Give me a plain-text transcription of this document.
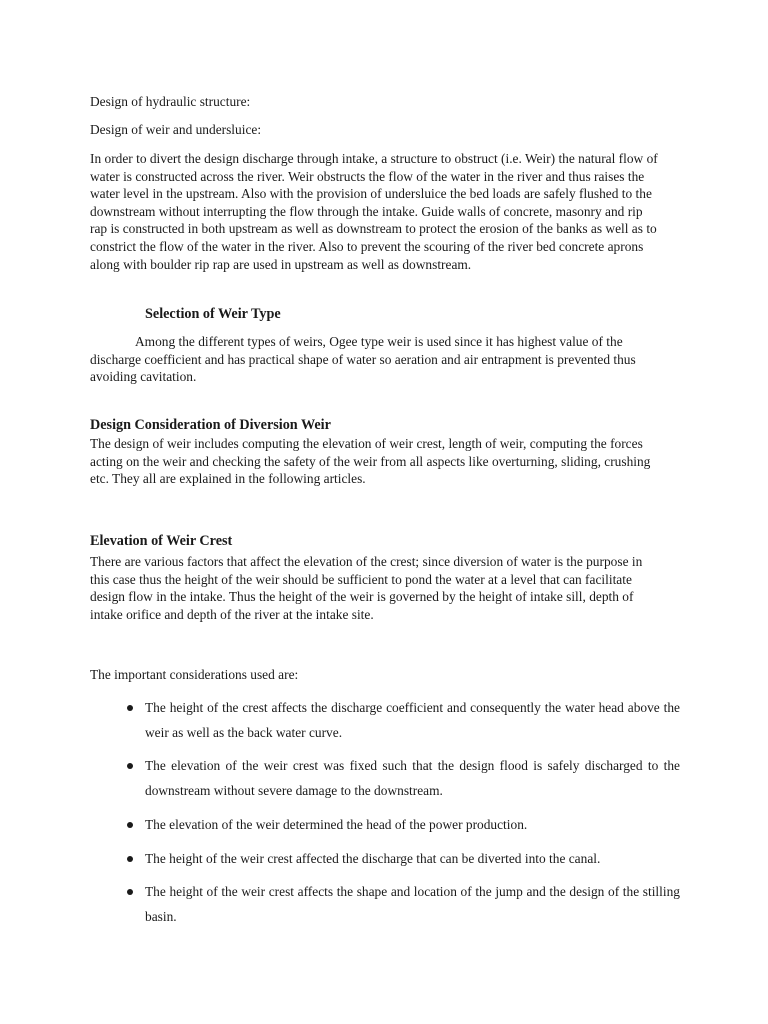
Design of hydraulic structure:

Design of weir and undersluice:

In order to divert the design discharge through intake, a structure to obstruct (i.e. Weir) the natural flow of
water is constructed across the river. Weir obstructs the flow of the water in the river and thus raises the
water level in the upstream. Also with the provision of undersluice the bed loads are safely flushed to the
downstream without interrupting the flow through the intake. Guide walls of concrete, masonry and rip
rap is constructed in both upstream as well as downstream to protect the erosion of the banks as well as to
constrict the flow of the water in the river. Also to prevent the scouring of the river bed concrete aprons
along with boulder rip rap are used in upstream as well as downstream.
Selection of Weir Type
Among the different types of weirs, Ogee type weir is used since it has highest value of the
discharge coefficient and has practical shape of water so aeration and air entrapment is prevented thus
avoiding cavitation.
Design Consideration of Diversion Weir
The design of weir includes computing the elevation of weir crest, length of weir, computing the forces
acting on the weir and checking the safety of the weir from all aspects like overturning, sliding, crushing
etc. They all are explained in the following articles.
Elevation of Weir Crest
There are various factors that affect the elevation of the crest; since diversion of water is the purpose in
this case thus the height of the weir should be sufficient to pond the water at a level that can facilitate
design flow in the intake. Thus the height of the weir is governed by the height of intake sill, depth of
intake orifice and depth of the river at the intake site.

The important considerations used are:

The height of the crest affects the discharge coefficient and consequently the water head above the weir as well as the back water curve.
The elevation of the weir crest was fixed such that the design flood is safely discharged to the downstream without severe damage to the downstream.
The elevation of the weir determined the head of the power production.
The height of the weir crest affected the discharge that can be diverted into the canal.
The height of the weir crest affects the shape and location of the jump and the design of the stilling basin.
